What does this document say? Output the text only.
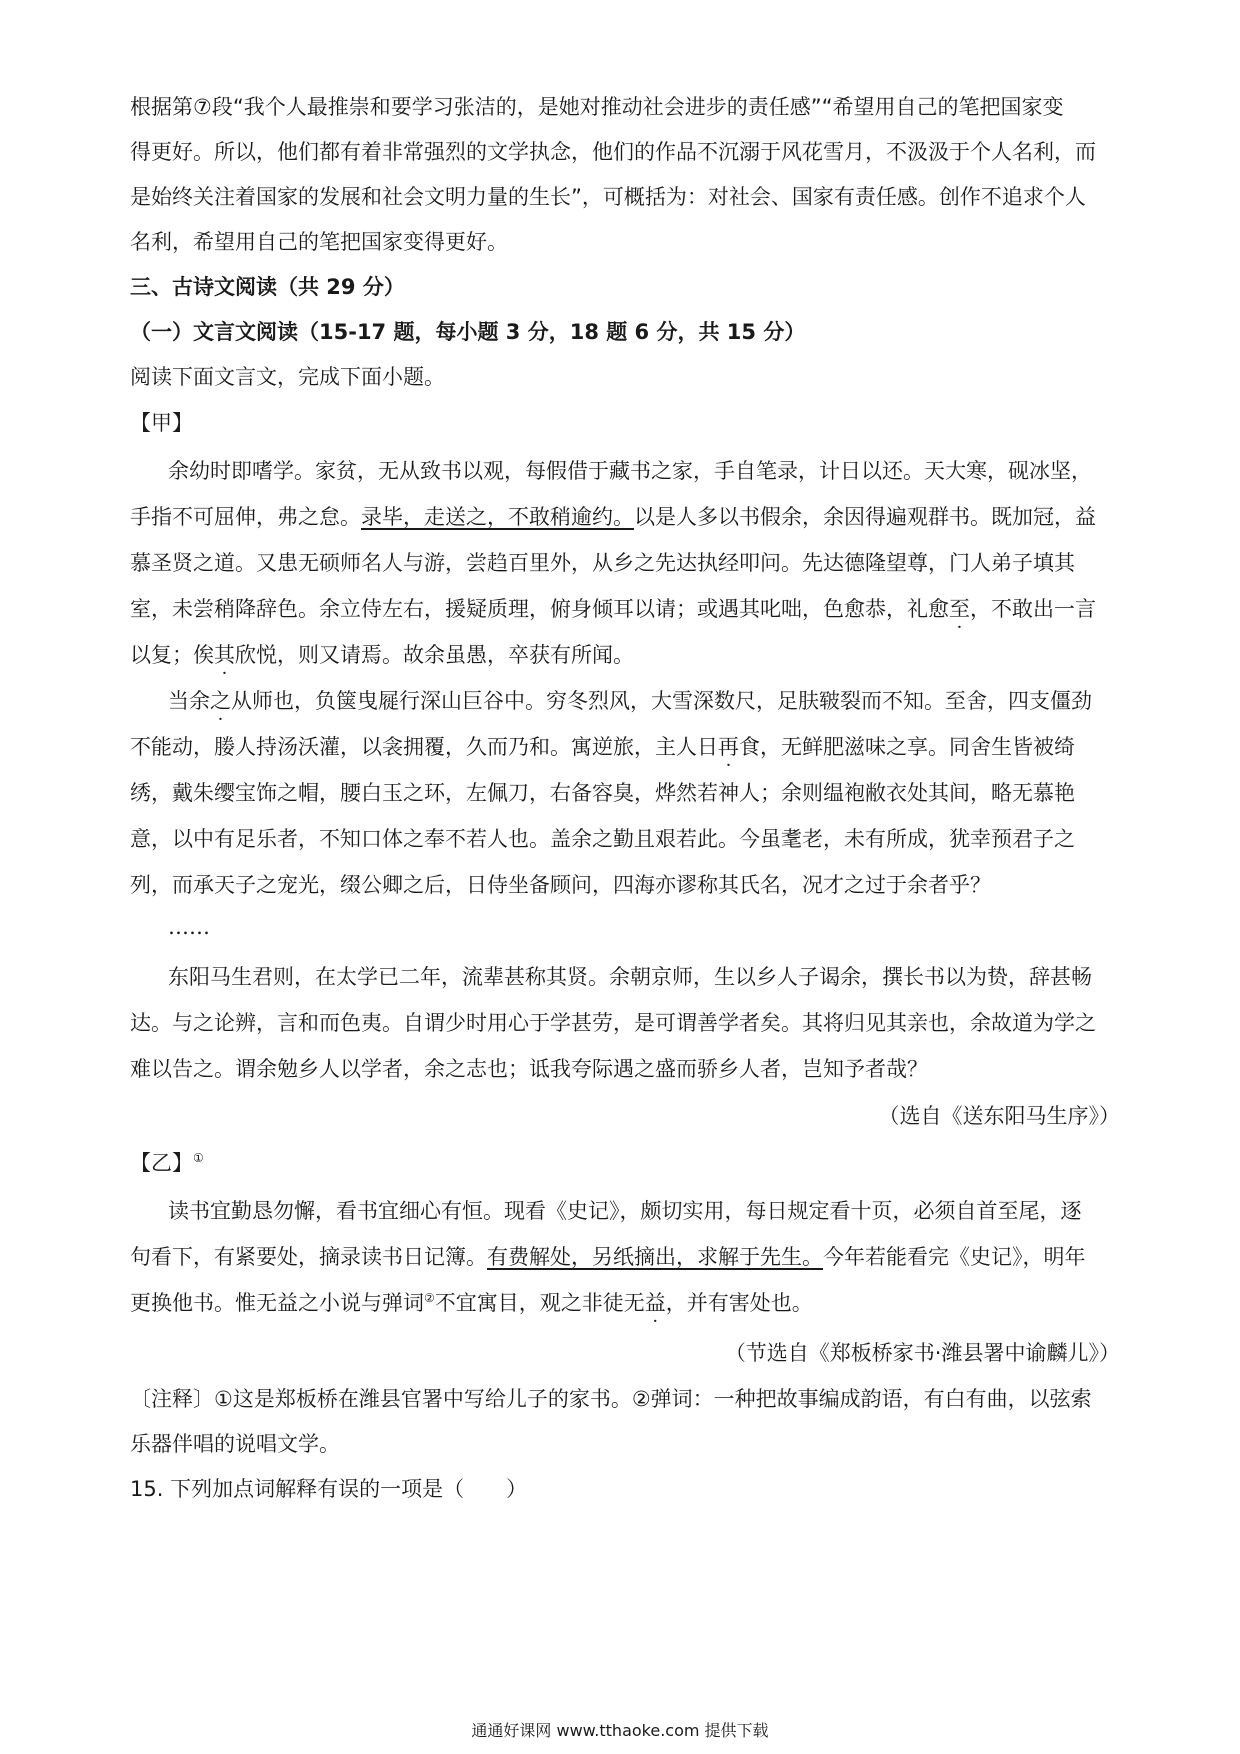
根据第⑦段“我个人最推崇和要学习张洁的，是她对推动社会进步的责任感”“希望用自己的笔把国家变
得更好。所以，他们都有着非常强烈的文学执念，他们的作品不沉溺于风花雪月，不汲汲于个人名利，而
是始终关注着国家的发展和社会文明力量的生长”，可概括为：对社会、国家有责任感。创作不追求个人
名利，希望用自己的笔把国家变得更好。
三、古诗文阅读（共 29 分）
（一）文言文阅读（15-17 题，每小题 3 分，18 题 6 分，共 15 分）
阅读下面文言文，完成下面小题。
【甲】
余幼时即嗜学。家贫，无从致书以观，每假借于藏书之家，手自笔录，计日以还。天大寒，砚冰坚，
手指不可屈伸，弗之怠。录毕，走送之，不敢稍逾约。以是人多以书假余，余因得遍观群书。既加冠，益
慕圣贤之道。又患无硕师名人与游，尝趋百里外，从乡之先达执经叩问。先达德隆望尊，门人弟子填其
室，未尝稍降辞色。余立侍左右，援疑质理，俯身倾耳以请；或遇其叱咄，色愈恭，礼愈至，不敢出一言
以复；俟其欣悦，则又请焉。故余虽愚，卒获有所闻。
当余之从师也，负箧曳屣行深山巨谷中。穷冬烈风，大雪深数尺，足肤皲裂而不知。至舍，四支僵劲
不能动，媵人持汤沃灌，以衾拥覆，久而乃和。寓逆旅，主人日再食，无鲜肥滋味之享。同舍生皆被绮
绣，戴朱缨宝饰之帽，腰白玉之环，左佩刀，右备容臭，烨然若神人；余则缊袍敝衣处其间，略无慕艳
意，以中有足乐者，不知口体之奉不若人也。盖余之勤且艰若此。今虽耄老，未有所成，犹幸预君子之
列，而承天子之宠光，缀公卿之后，日侍坐备顾问，四海亦谬称其氏名，况才之过于余者乎？
……
东阳马生君则，在太学已二年，流辈甚称其贤。余朝京师，生以乡人子谒余，撰长书以为贽，辞甚畅
达。与之论辨，言和而色夷。自谓少时用心于学甚劳，是可谓善学者矣。其将归见其亲也，余故道为学之
难以告之。谓余勉乡人以学者，余之志也；诋我夸际遇之盛而骄乡人者，岂知予者哉？
（选自《送东阳马生序》）
【乙】①
读书宜勤恳勿懈，看书宜细心有恒。现看《史记》，颇切实用，每日规定看十页，必须自首至尾，逐
句看下，有紧要处，摘录读书日记簿。有费解处，另纸摘出，求解于先生。今年若能看完《史记》，明年
更换他书。惟无益之小说与弹词②不宜寓目，观之非徒无益，并有害处也。
（节选自《郑板桥家书·潍县署中谕麟儿》）
〔注释〕①这是郑板桥在潍县官署中写给儿子的家书。②弹词：一种把故事编成韵语，有白有曲，以弦索
乐器伴唱的说唱文学。
15. 下列加点词解释有误的一项是（　　）
通通好课网 www.tthaoke.com 提供下载
